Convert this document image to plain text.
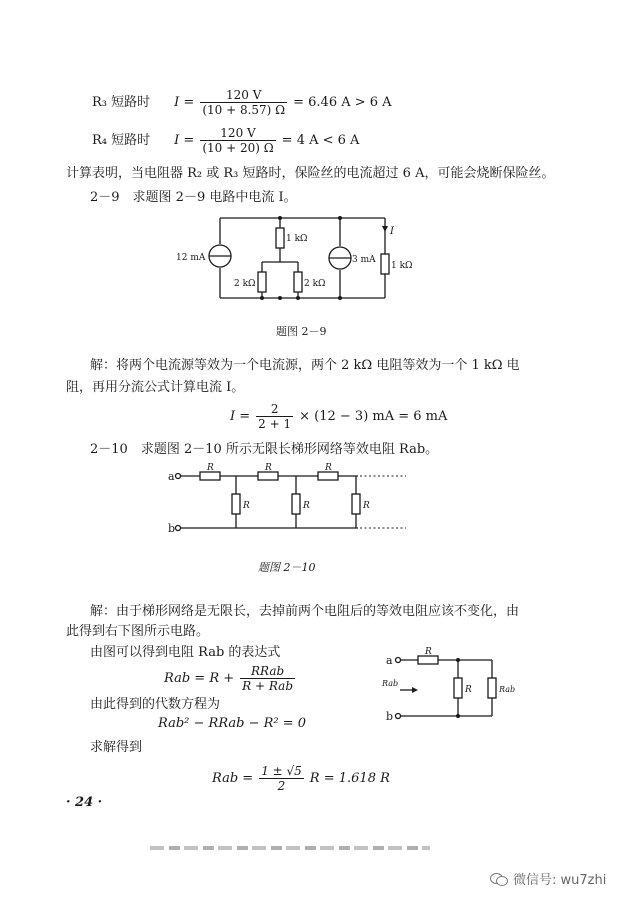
R₃ 短路时 $I = \frac{120 V}{(10 + 8.57) \Omega} = 6.46$ A > 6 A
R₄ 短路时 $I = \frac{120 V}{(10 + 20) \Omega} = 4$ A < 6 A
计算表明，当电阻器 R₂ 或 R₃ 短路时，保险丝的电流超过 6 A，可能会烧断保险丝。
2－9　求题图 2－9 电路中电流 I。
12 mA
1 kΩ
2 kΩ	2 kΩ
3 mA
I
1 kΩ
题图 2－9
解：将两个电流源等效为一个电流源，两个 2 kΩ 电阻等效为一个 1 kΩ 电
阻，再用分流公式计算电流 I。
$I = \frac{2}{2 + 1} \times (12 - 3)$ mA = 6 mA
2－10　求题图 2－10 所示无限长梯形网络等效电阻 Rab。
a
b
R	R	R
R	R	R
题图 2－10
解：由于梯形网络是无限长，去掉前两个电阻后的等效电阻应该不变化，由
此得到右下图所示电路。
由图可以得到电阻 Rab 的表达式
Rab = $R + \frac{\text{RRab}}{\text{R + Rab}}$
由此得到的代数方程为
Rab² − RRab − R² = 0
求解得到
Rab = $\frac{1 \pm √5}{2}$ R = 1.618 R
a
b
R
R
Rab
Rab
· 24 ·
微信号: wu7zhi
